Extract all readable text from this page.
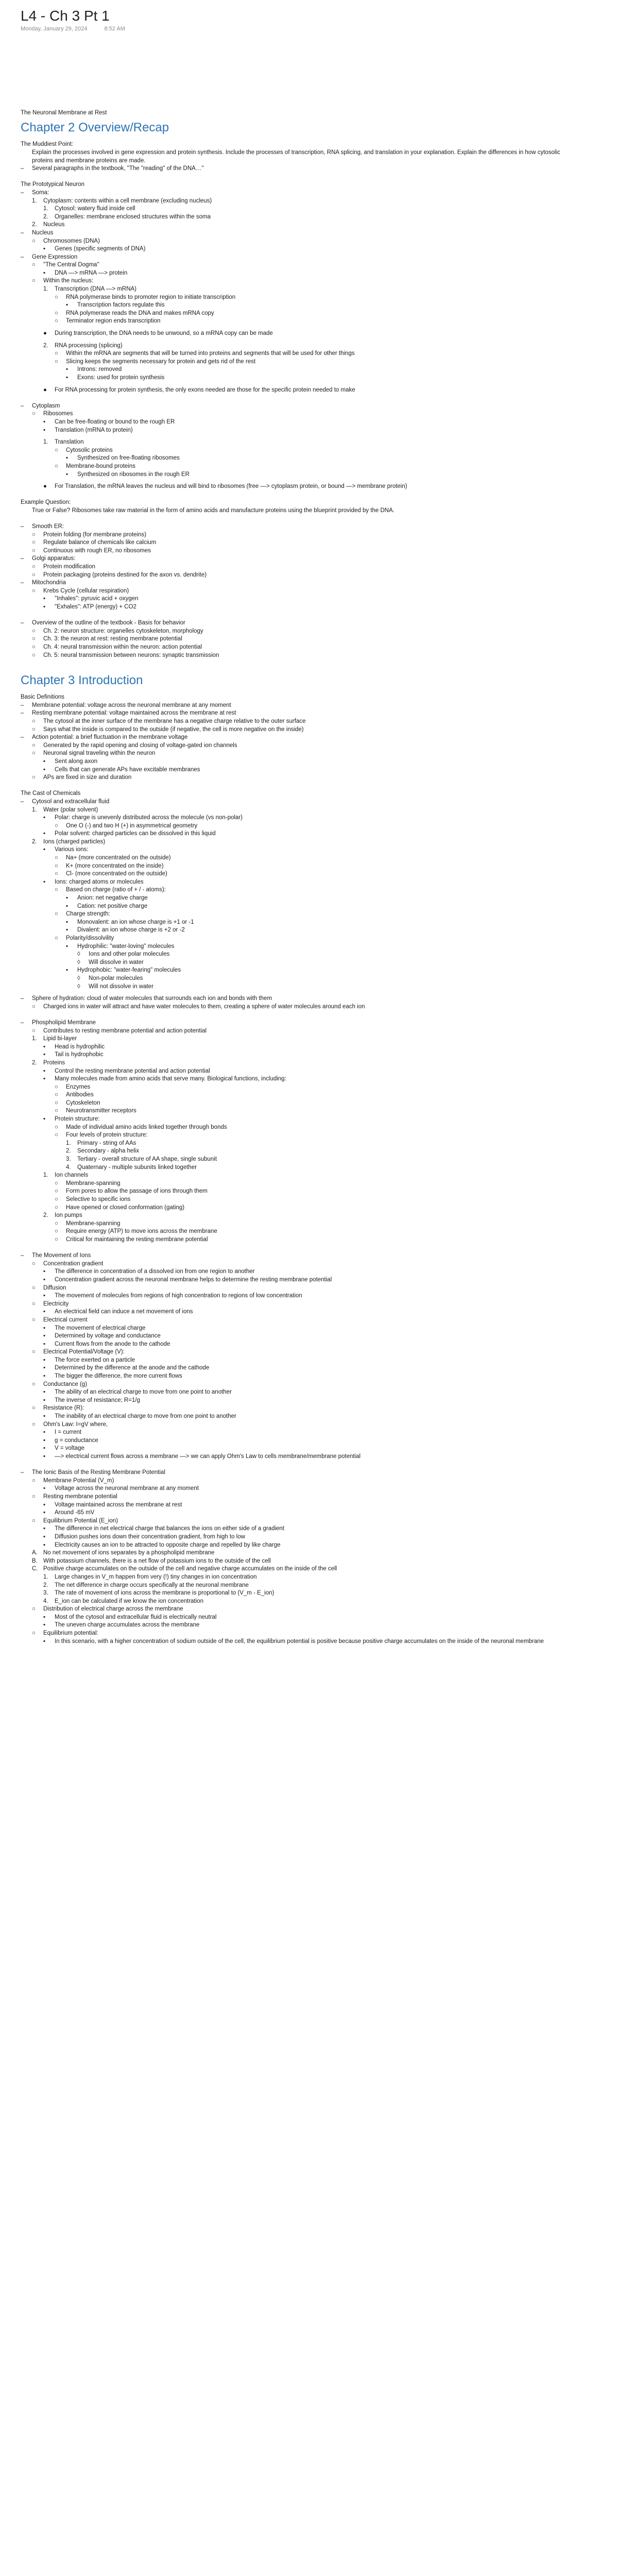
L4 - Ch 3 Pt 1
Monday, January 29, 2024	8:52 AM
The Neuronal Membrane at Rest
Chapter 2 Overview/Recap
The Muddiest Point:
Explain the processes involved in gene expression and protein synthesis. Include the processes of transcription, RNA splicing, and translation in your explanation. Explain the differences in how cytosolic proteins and membrane proteins are made.
–	Several paragraphs in the textbook, "The "reading" of the DNA…"
The Prototypical Neuron
–	Soma:
1.	Cytoplasm: contents within a cell membrane (excluding nucleus)
1.	Cytosol: watery fluid inside cell
2.	Organelles: membrane enclosed structures within the soma
2.	Nucleus
–	Nucleus
○	Chromosomes (DNA)
▪	Genes (specific segments of DNA)
–	Gene Expression
○	"The Central Dogma"
▪	DNA —> mRNA —> protein
○	Within the nucleus:
1.	Transcription (DNA —> mRNA)
○	RNA polymerase binds to promoter region to initiate transcription
▪	Transcription factors regulate this
○	RNA polymerase reads the DNA and makes mRNA copy
○	Terminator region ends transcription
●	During transcription, the DNA needs to be unwound, so a mRNA copy can be made
2.	RNA processing (splicing)
○	Within the mRNA are segments that will be turned into proteins and segments that will be used for other things
○	Slicing keeps the segments necessary for protein and gets rid of the rest
▪	Introns: removed
▪	Exons: used for protein synthesis
●	For RNA processing for protein synthesis, the only exons needed are those for the specific protein needed to make
–	Cytoplasm
○	Ribosomes
▪	Can be free-floating or bound to the rough ER
▪	Translation (mRNA to protein)
1.	Translation
○	Cytosolic proteins
▪	Synthesized on free-floating ribosomes
○	Membrane-bound proteins
▪	Synthesized on ribosomes in the rough ER
●	For Translation, the mRNA leaves the nucleus and will bind to ribosomes (free —> cytoplasm protein, or bound —> membrane protein)
Example Question:
True or False? Ribosomes take raw material in the form of amino acids and manufacture proteins using the blueprint provided by the DNA.
–	Smooth ER:
○	Protein folding (for membrane proteins)
○	Regulate balance of chemicals like calcium
○	Continuous with rough ER, no ribosomes
–	Golgi apparatus:
○	Protein modification
○	Protein packaging (proteins destined for the axon vs. dendrite)
–	Mitochondria
○	Krebs Cycle (cellular respiration)
▪	"Inhales": pyruvic acid + oxygen
▪	"Exhales": ATP (energy) + CO2
–	Overview of the outline of the textbook - Basis for behavior
○	Ch. 2: neuron structure: organelles cytoskeleton, morphology
○	Ch. 3: the neuron at rest: resting membrane potential
○	Ch. 4: neural transmission within the neuron: action potential
○	Ch. 5: neural transmission between neurons: synaptic transmission
Chapter 3 Introduction
Basic Definitions
–	Membrane potential: voltage across the neuronal membrane at any moment
–	Resting membrane potential: voltage maintained across the membrane at rest
○	The cytosol at the inner surface of the membrane has a negative charge relative to the outer surface
○	Says what the inside is compared to the outside (if negative, the cell is more negative on the inside)
–	Action potential: a brief fluctuation in the membrane voltage
○	Generated by the rapid opening and closing of voltage-gated ion channels
○	Neuronal signal traveling within the neuron
▪	Sent along axon
▪	Cells that can generate APs have excitable membranes
○	APs are fixed in size and duration
The Cast of Chemicals
–	Cytosol and extracellular fluid
1.	Water (polar solvent)
▪	Polar: charge is unevenly distributed across the molecule (vs non-polar)
○	One O (-) and two H (+) in asymmetrical geometry
▪	Polar solvent: charged particles can be dissolved in this liquid
2.	Ions (charged particles)
▪	Various ions:
○	Na+ (more concentrated on the outside)
○	K+ (more concentrated on the inside)
○	Cl- (more concentrated on the outside)
▪	Ions: charged atoms or molecules
○	Based on charge (ratio of + / - atoms):
▪	Anion: net negative charge
▪	Cation: net positive charge
○	Charge strength:
▪	Monovalent: an ion whose charge is +1 or -1
▪	Divalent: an ion whose charge is +2 or -2
○	Polarity/dissolvility
▪	Hydrophilic: "water-loving" molecules
◊	Ions and other polar molecules
◊	Will dissolve in water
▪	Hydrophobic: "water-fearing" molecules
◊	Non-polar molecules
◊	Will not dissolve in water
–	Sphere of hydration: cloud of water molecules that surrounds each ion and bonds with them
○	Charged ions in water will attract and have water molecules to them, creating a sphere of water molecules around each ion
–	Phospholipid Membrane
○	Contributes to resting membrane potential and action potential
1.	Lipid bi-layer
▪	Head is hydrophilic
▪	Tail is hydrophobic
2.	Proteins
▪	Control the resting membrane potential and action potential
▪	Many molecules made from amino acids that serve many. Biological functions, including:
○	Enzymes
○	Antibodies
○	Cytoskeleton
○	Neurotransmitter receptors
▪	Protein structure:
○	Made of individual amino acids linked together through bonds
○	Four levels of protein structure:
1.	Primary - string of AAs
2.	Secondary - alpha helix
3.	Tertiary - overall structure of AA shape, single subunit
4.	Quaternary - multiple subunits linked together
1.	Ion channels
○	Membrane-spanning
○	Form pores to allow the passage of ions through them
○	Selective to specific ions
○	Have opened or closed conformation (gating)
2.	Ion pumps
○	Membrane-spanning
○	Require energy (ATP) to move ions across the membrane
○	Critical for maintaining the resting membrane potential
–	The Movement of Ions
○	Concentration gradient
▪	The difference in concentration of a dissolved ion from one region to another
▪	Concentration gradient across the neuronal membrane helps to determine the resting membrane potential
○	Diffusion
▪	The movement of molecules from regions of high concentration to regions of low concentration
○	Electricity
▪	An electrical field can induce a net movement of ions
○	Electrical current
▪	The movement of electrical charge
▪	Determined by voltage and conductance
▪	Current flows from the anode to the cathode
○	Electrical Potential/Voltage (V):
▪	The force exerted on a particle
▪	Determined by the difference at the anode and the cathode
▪	The bigger the difference, the more current flows
○	Conductance (g)
▪	The ability of an electrical charge to move from one point to another
▪	The inverse of resistance; R=1/g
○	Resistance (R):
▪	The inability of an electrical charge to move from one point to another
○	Ohm's Law: I=gV where,
▪	I = current
▪	g = conductance
▪	V = voltage
▪	—> electrical current flows across a membrane —> we can apply Ohm's Law to cells membrane/membrane potential
–	The Ionic Basis of the Resting Membrane Potential
○	Membrane Potential (V_m)
▪	Voltage across the neuronal membrane at any moment
○	Resting membrane potential
▪	Voltage maintained across the membrane at rest
▪	Around -65 mV
○	Equilibrium Potential (E_ion)
▪	The difference in net electrical charge that balances the ions on either side of a gradient
▪	Diffusion pushes ions down their concentration gradient, from high to low
▪	Electricity causes an ion to be attracted to opposite charge and repelled by like charge
A. No net movement of ions separates by a phospholipid membrane
B. With potassium channels, there is a net flow of potassium ions to the outside of the cell
C. Positive charge accumulates on the outside of the cell and negative charge accumulates on the inside of the cell
1.	Large changes in V_m happen from very (!) tiny changes in ion concentration
2.	The net difference in charge occurs specifically at the neuronal membrane
3.	The rate of movement of ions across the membrane is proportional to (V_m - E_ion)
4.	E_ion can be calculated if we know the ion concentration
○	Distribution of electrical charge across the membrane
▪	Most of the cytosol and extracellular fluid is electrically neutral
▪	The uneven charge accumulates across the membrane
○	Equilibrium potential:
▪	In this scenario, with a higher concentration of sodium outside of the cell, the equilibrium potential is positive because positive charge accumulates on the inside of the neuronal membrane
